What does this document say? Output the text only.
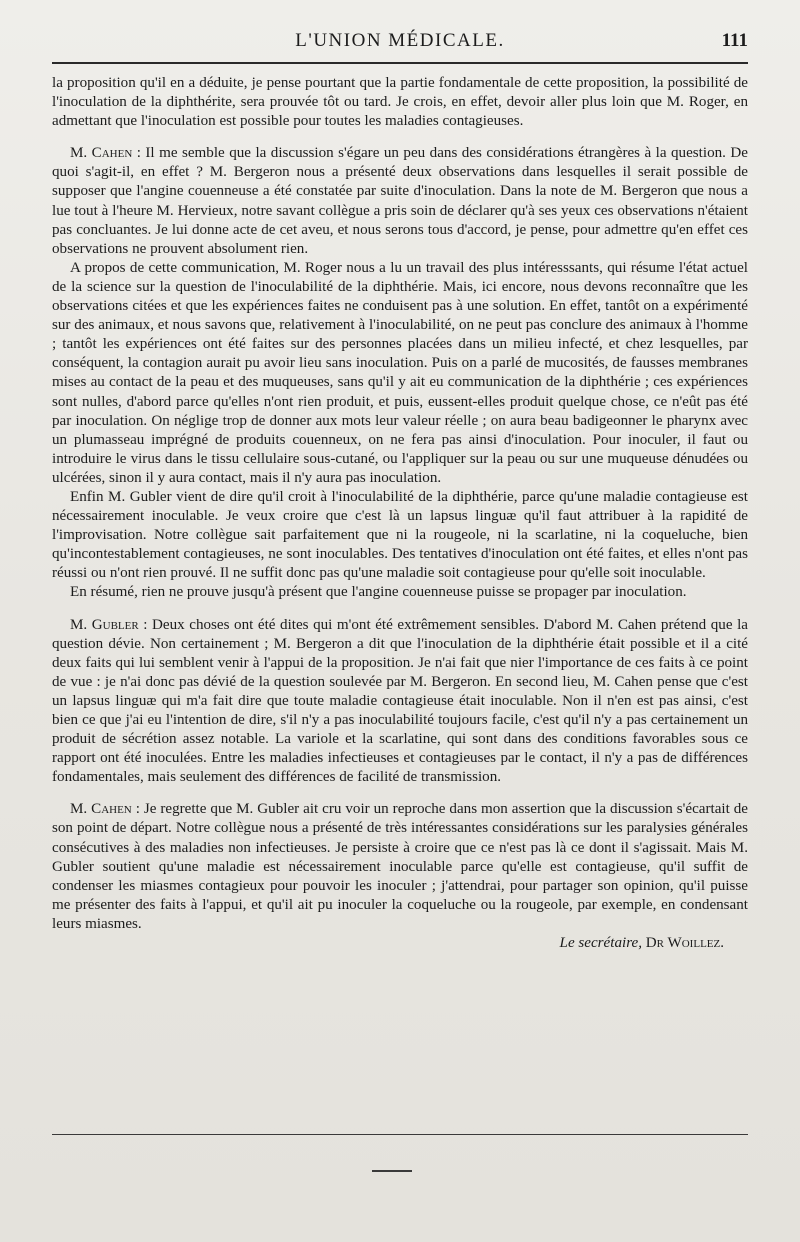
L'UNION MÉDICALE.	111

la proposition qu'il en a déduite, je pense pourtant que la partie fondamentale de cette proposition, la possibilité de l'inoculation de la diphthérite, sera prouvée tôt ou tard. Je crois, en effet, devoir aller plus loin que M. Roger, en admettant que l'inoculation est possible pour toutes les maladies contagieuses.

M. Cahen : Il me semble que la discussion s'égare un peu dans des considérations étrangères à la question. De quoi s'agit-il, en effet ? M. Bergeron nous a présenté deux observations dans lesquelles il serait possible de supposer que l'angine couenneuse a été constatée par suite d'inoculation. Dans la note de M. Bergeron que nous a lue tout à l'heure M. Hervieux, notre savant collègue a pris soin de déclarer qu'à ses yeux ces observations n'étaient pas concluantes. Je lui donne acte de cet aveu, et nous serons tous d'accord, je pense, pour admettre qu'en effet ces observations ne prouvent absolument rien.

A propos de cette communication, M. Roger nous a lu un travail des plus intéresssants, qui résume l'état actuel de la science sur la question de l'inoculabilité de la diphthérie. Mais, ici encore, nous devons reconnaître que les observations citées et que les expériences faites ne conduisent pas à une solution. En effet, tantôt on a expérimenté sur des animaux, et nous savons que, relativement à l'inoculabilité, on ne peut pas conclure des animaux à l'homme ; tantôt les expériences ont été faites sur des personnes placées dans un milieu infecté, et chez lesquelles, par conséquent, la contagion aurait pu avoir lieu sans inoculation. Puis on a parlé de mucosités, de fausses membranes mises au contact de la peau et des muqueuses, sans qu'il y ait eu communication de la diphthérie ; ces expériences sont nulles, d'abord parce qu'elles n'ont rien produit, et puis, eussent-elles produit quelque chose, ce n'eût pas été par inoculation. On néglige trop de donner aux mots leur valeur réelle ; on aura beau badigeonner le pharynx avec un plumasseau imprégné de produits couenneux, on ne fera pas ainsi d'inoculation. Pour inoculer, il faut ou introduire le virus dans le tissu cellulaire sous-cutané, ou l'appliquer sur la peau ou sur une muqueuse dénudées ou ulcérées, sinon il y aura contact, mais il n'y aura pas inoculation.

Enfin M. Gubler vient de dire qu'il croit à l'inoculabilité de la diphthérie, parce qu'une maladie contagieuse est nécessairement inoculable. Je veux croire que c'est là un lapsus linguæ qu'il faut attribuer à la rapidité de l'improvisation. Notre collègue sait parfaitement que ni la rougeole, ni la scarlatine, ni la coqueluche, bien qu'incontestablement contagieuses, ne sont inoculables. Des tentatives d'inoculation ont été faites, et elles n'ont pas réussi ou n'ont rien prouvé. Il ne suffit donc pas qu'une maladie soit contagieuse pour qu'elle soit inoculable.

En résumé, rien ne prouve jusqu'à présent que l'angine couenneuse puisse se propager par inoculation.

M. Gubler : Deux choses ont été dites qui m'ont été extrêmement sensibles. D'abord M. Cahen prétend que la question dévie. Non certainement ; M. Bergeron a dit que l'inoculation de la diphthérie était possible et il a cité deux faits qui lui semblent venir à l'appui de la proposition. Je n'ai fait que nier l'importance de ces faits à ce point de vue : je n'ai donc pas dévié de la question soulevée par M. Bergeron. En second lieu, M. Cahen pense que c'est un lapsus linguæ qui m'a fait dire que toute maladie contagieuse était inoculable. Non il n'en est pas ainsi, c'est bien ce que j'ai eu l'intention de dire, s'il n'y a pas inoculabilité toujours facile, c'est qu'il n'y a pas certainement un produit de sécrétion assez notable. La variole et la scarlatine, qui sont dans des conditions favorables sous ce rapport ont été inoculées. Entre les maladies infectieuses et contagieuses par le contact, il n'y a pas de différences fondamentales, mais seulement des différences de facilité de transmission.

M. Cahen : Je regrette que M. Gubler ait cru voir un reproche dans mon assertion que la discussion s'écartait de son point de départ. Notre collègue nous a présenté de très intéressantes considérations sur les paralysies générales consécutives à des maladies non infectieuses. Je persiste à croire que ce n'est pas là ce dont il s'agissait. Mais M. Gubler soutient qu'une maladie est nécessairement inoculable parce qu'elle est contagieuse, qu'il suffit de condenser les miasmes contagieux pour pouvoir les inoculer ; j'attendrai, pour partager son opinion, qu'il puisse me présenter des faits à l'appui, et qu'il ait pu inoculer la coqueluche ou la rougeole, par exemple, en condensant leurs miasmes.

Le secrétaire, Dr Woillez.
